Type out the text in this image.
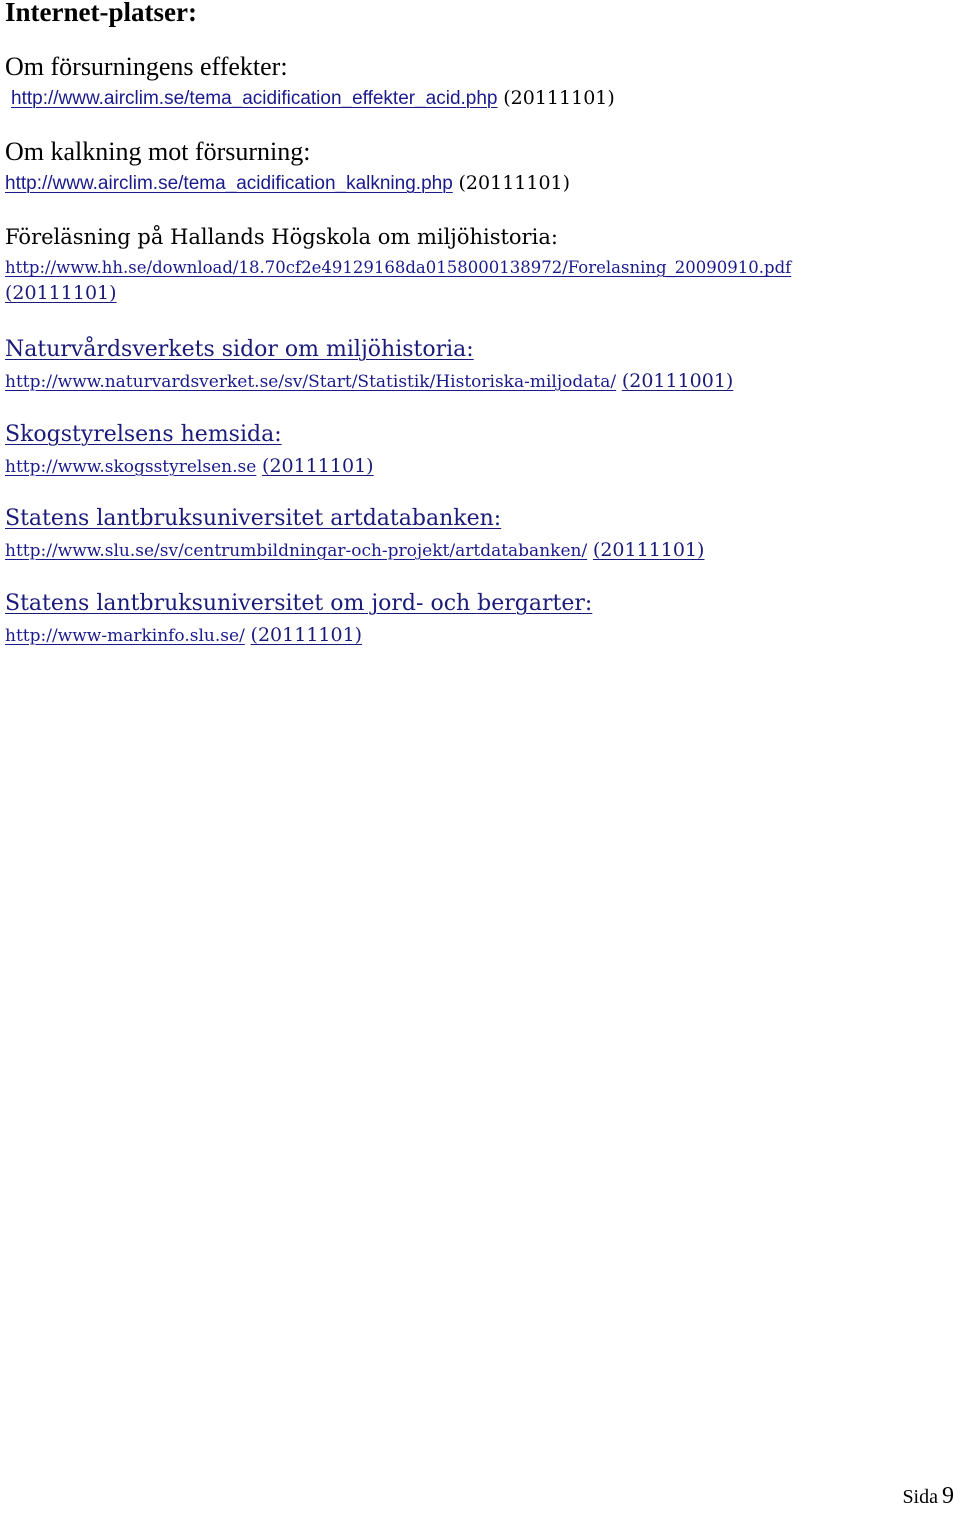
Internet-platser:
Om försurningens effekter:
http://www.airclim.se/tema_acidification_effekter_acid.php (20111101)
Om kalkning mot försurning:
http://www.airclim.se/tema_acidification_kalkning.php (20111101)
Föreläsning på Hallands Högskola om miljöhistoria:
http://www.hh.se/download/18.70cf2e49129168da0158000138972/Forelasning_20090910.pdf
(20111101)
Naturvårdsverkets sidor om miljöhistoria:
http://www.naturvardsverket.se/sv/Start/Statistik/Historiska-miljodata/ (20111001)
Skogstyrelsens hemsida:
http://www.skogsstyrelsen.se (20111101)
Statens lantbruksuniversitet artdatabanken:
http://www.slu.se/sv/centrumbildningar-och-projekt/artdatabanken/ (20111101)
Statens lantbruksuniversitet om jord- och bergarter:
http://www-markinfo.slu.se/ (20111101)
Sida 9
